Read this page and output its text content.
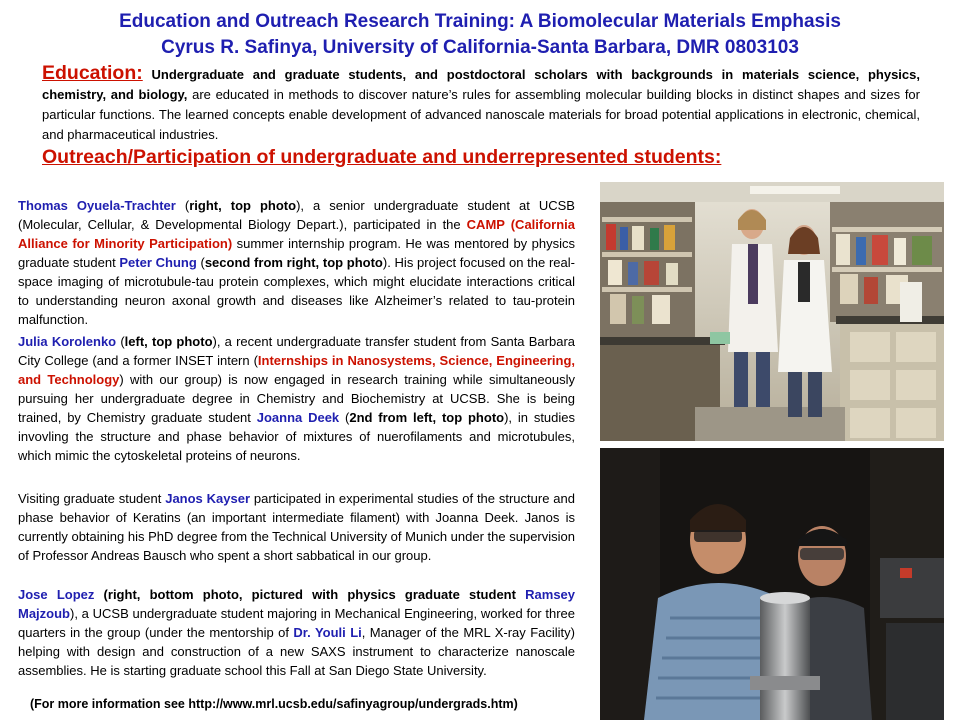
Education and Outreach Research Training: A Biomolecular Materials Emphasis
Cyrus R. Safinya, University of California-Santa Barbara, DMR 0803103
Education: Undergraduate and graduate students, and postdoctoral scholars with backgrounds in materials science, physics, chemistry, and biology, are educated in methods to discover nature’s rules for assembling molecular building blocks in distinct shapes and sizes for particular functions. The learned concepts enable development of advanced nanoscale materials for broad potential applications in electronic, chemical, and pharmaceutical industries.
Outreach/Participation of undergraduate and underrepresented students:
Thomas Oyuela-Trachter (right, top photo), a senior undergraduate student at UCSB (Molecular, Cellular, & Developmental Biology Depart.), participated in the CAMP (California Alliance for Minority Participation) summer internship program. He was mentored by physics graduate student Peter Chung (second from right, top photo). His project focused on the real-space imaging of microtubule-tau protein complexes, which might elucidate interactions critical to understanding neuron axonal growth and diseases like Alzheimer’s related to tau-protein malfunction.
Julia Korolenko (left, top photo), a recent undergraduate transfer student from Santa Barbara City College (and a former INSET intern (Internships in Nanosystems, Science, Engineering, and Technology) with our group) is now engaged in research training while simultaneously pursuing her undergraduate degree in Chemistry and Biochemistry at UCSB. She is being trained, by Chemistry graduate student Joanna Deek (2nd from left, top photo), in studies invovling the structure and phase behavior of mixtures of nuerofilaments and microtubules, which mimic the cytoskeletal proteins of neurons.
Visiting graduate student Janos Kayser participated in experimental studies of the structure and phase behavior of Keratins (an important intermediate filament) with Joanna Deek. Janos is currently obtaining his PhD degree from the Technical University of Munich under the supervision of Professor Andreas Bausch who spent a short sabbatical in our group.
Jose Lopez (right, bottom photo, pictured with physics graduate student Ramsey Majzoub), a UCSB undergraduate student majoring in Mechanical Engineering, worked for three quarters in the group (under the mentorship of Dr. Youli Li, Manager of the MRL X-ray Facility) helping with design and construction of a new SAXS instrument to characterize nanoscale assemblies. He is starting graduate school this Fall at San Diego State University.
(For more information see http://www.mrl.ucsb.edu/safinyagroup/undergrads.htm)
